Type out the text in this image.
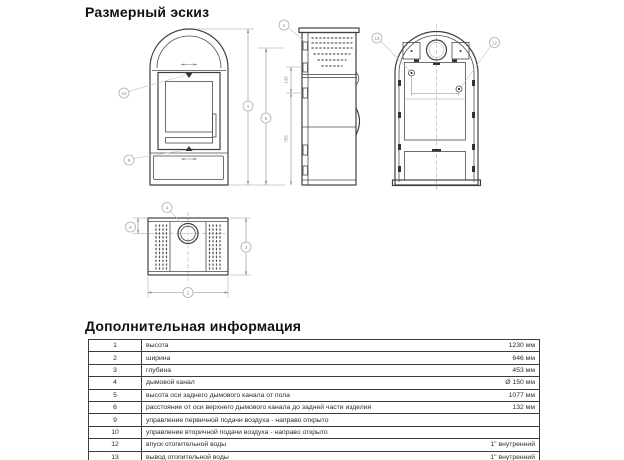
Размерный эскиз
10
9
1
5
4
145
765
13
12
4
6
3
2
Дополнительная информация
1	высота	1230 мм
2	ширина	646 мм
3	глубина	453 мм
4	дымовой канал	Ø 150 мм
5	высота оси заднего дымового канала от пола	1077 мм
6	расстояние от оси верхнего дымового канала до задней части изделия	132 мм
9	управление первичной подачи воздуха - направо открыто	
10	управление вторичной подачи воздуха - направо открыто	
12	впуск отопительной воды	1" внутренний
13	вывод отопительной воды	1" внутренний
